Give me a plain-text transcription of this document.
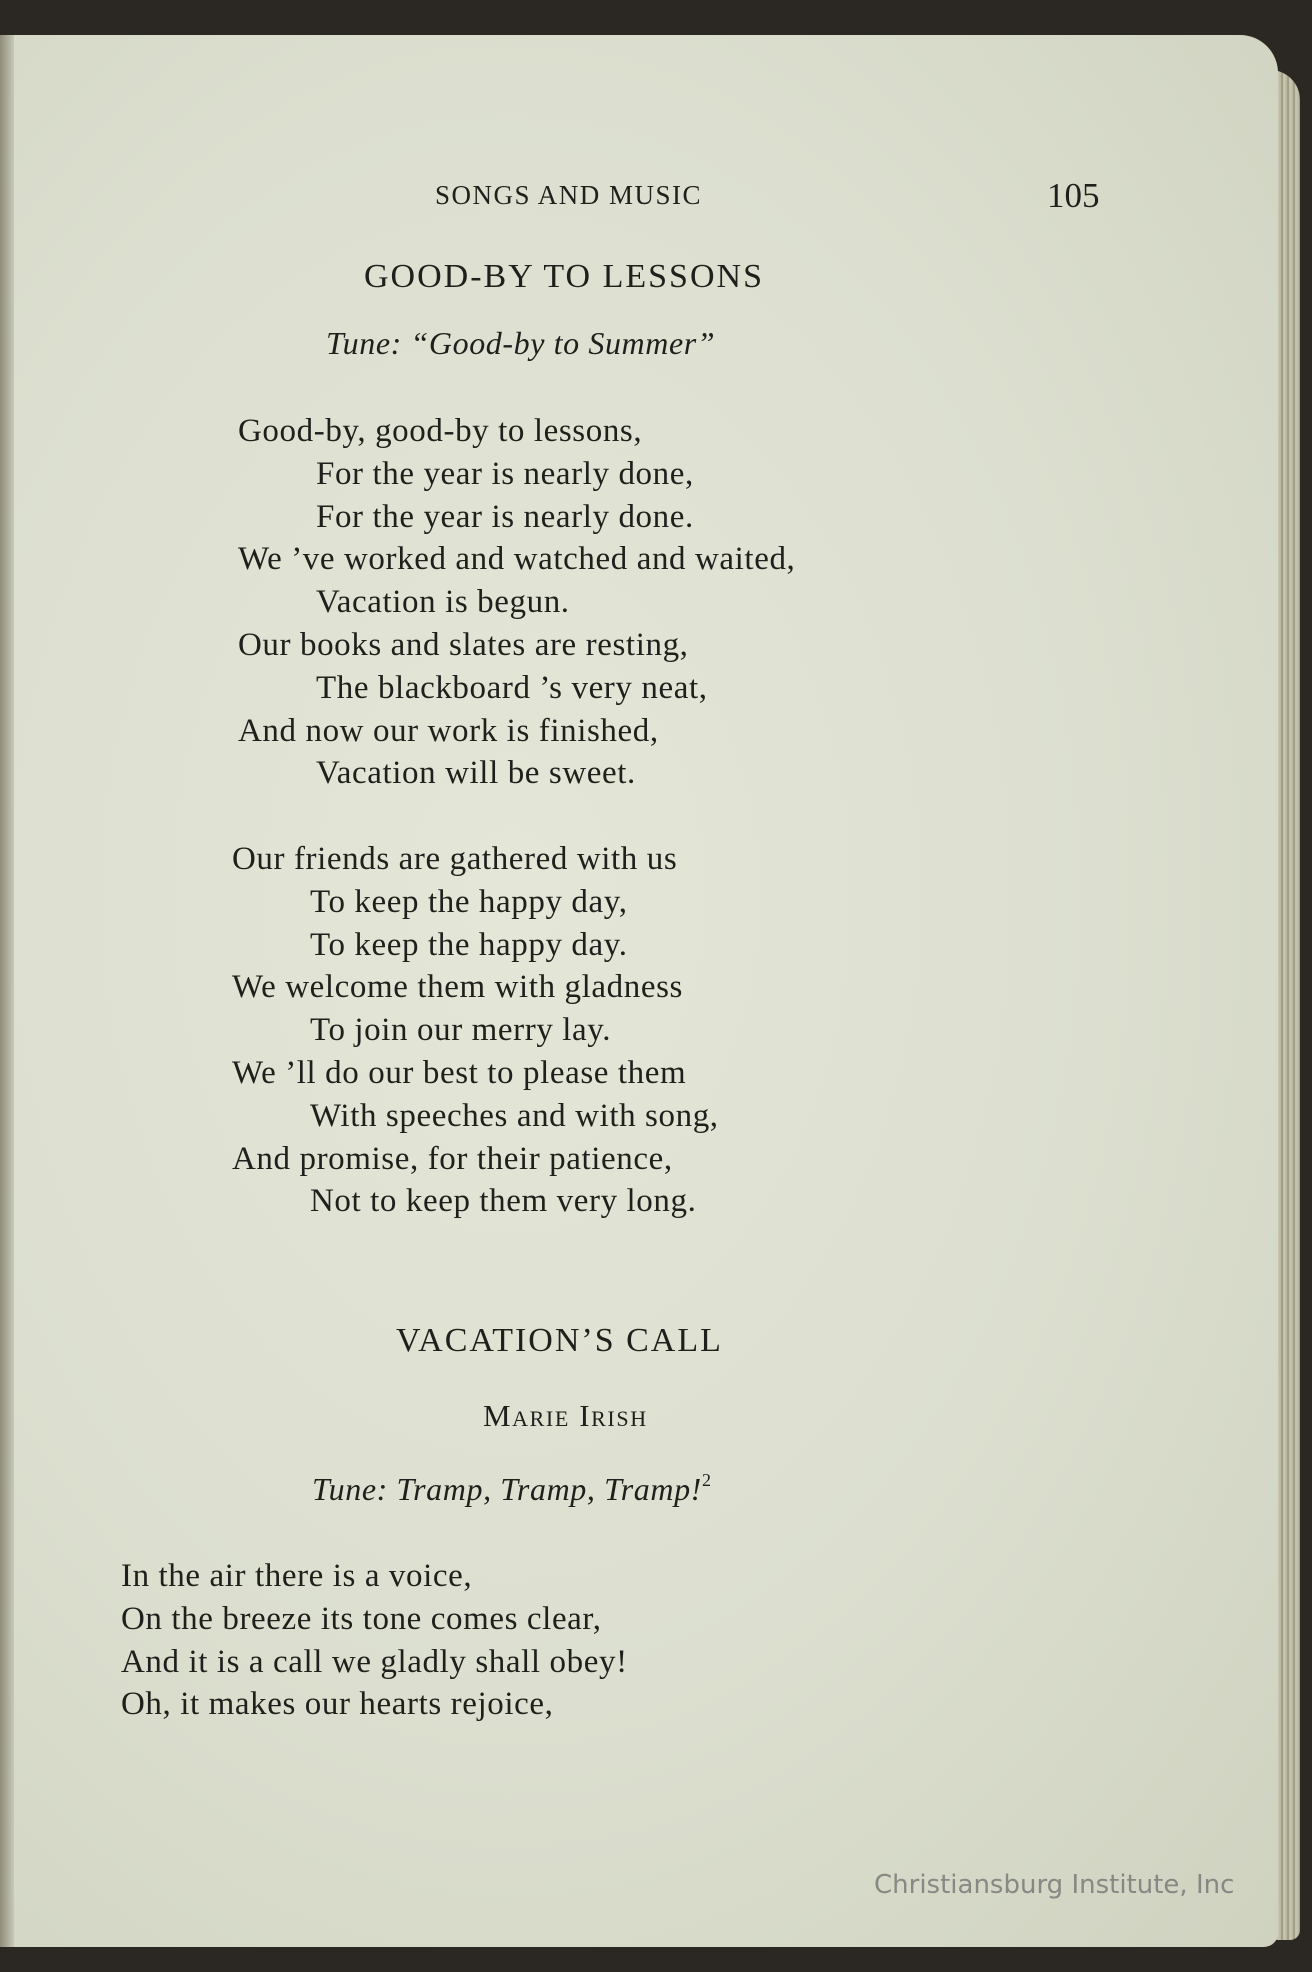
SONGS AND MUSIC	105
GOOD-BY TO LESSONS
Tune: “Good-by to Summer”
Good-by, good-by to lessons,
For the year is nearly done,
For the year is nearly done.
We ’ve worked and watched and waited,
Vacation is begun.
Our books and slates are resting,
The blackboard ’s very neat,
And now our work is finished,
Vacation will be sweet.
Our friends are gathered with us
To keep the happy day,
To keep the happy day.
We welcome them with gladness
To join our merry lay.
We ’ll do our best to please them
With speeches and with song,
And promise, for their patience,
Not to keep them very long.
VACATION’S CALL
Marie Irish
Tune: Tramp, Tramp, Tramp!$^2$
In the air there is a voice,
On the breeze its tone comes clear,
And it is a call we gladly shall obey!
Oh, it makes our hearts rejoice,
Christiansburg Institute, Inc
